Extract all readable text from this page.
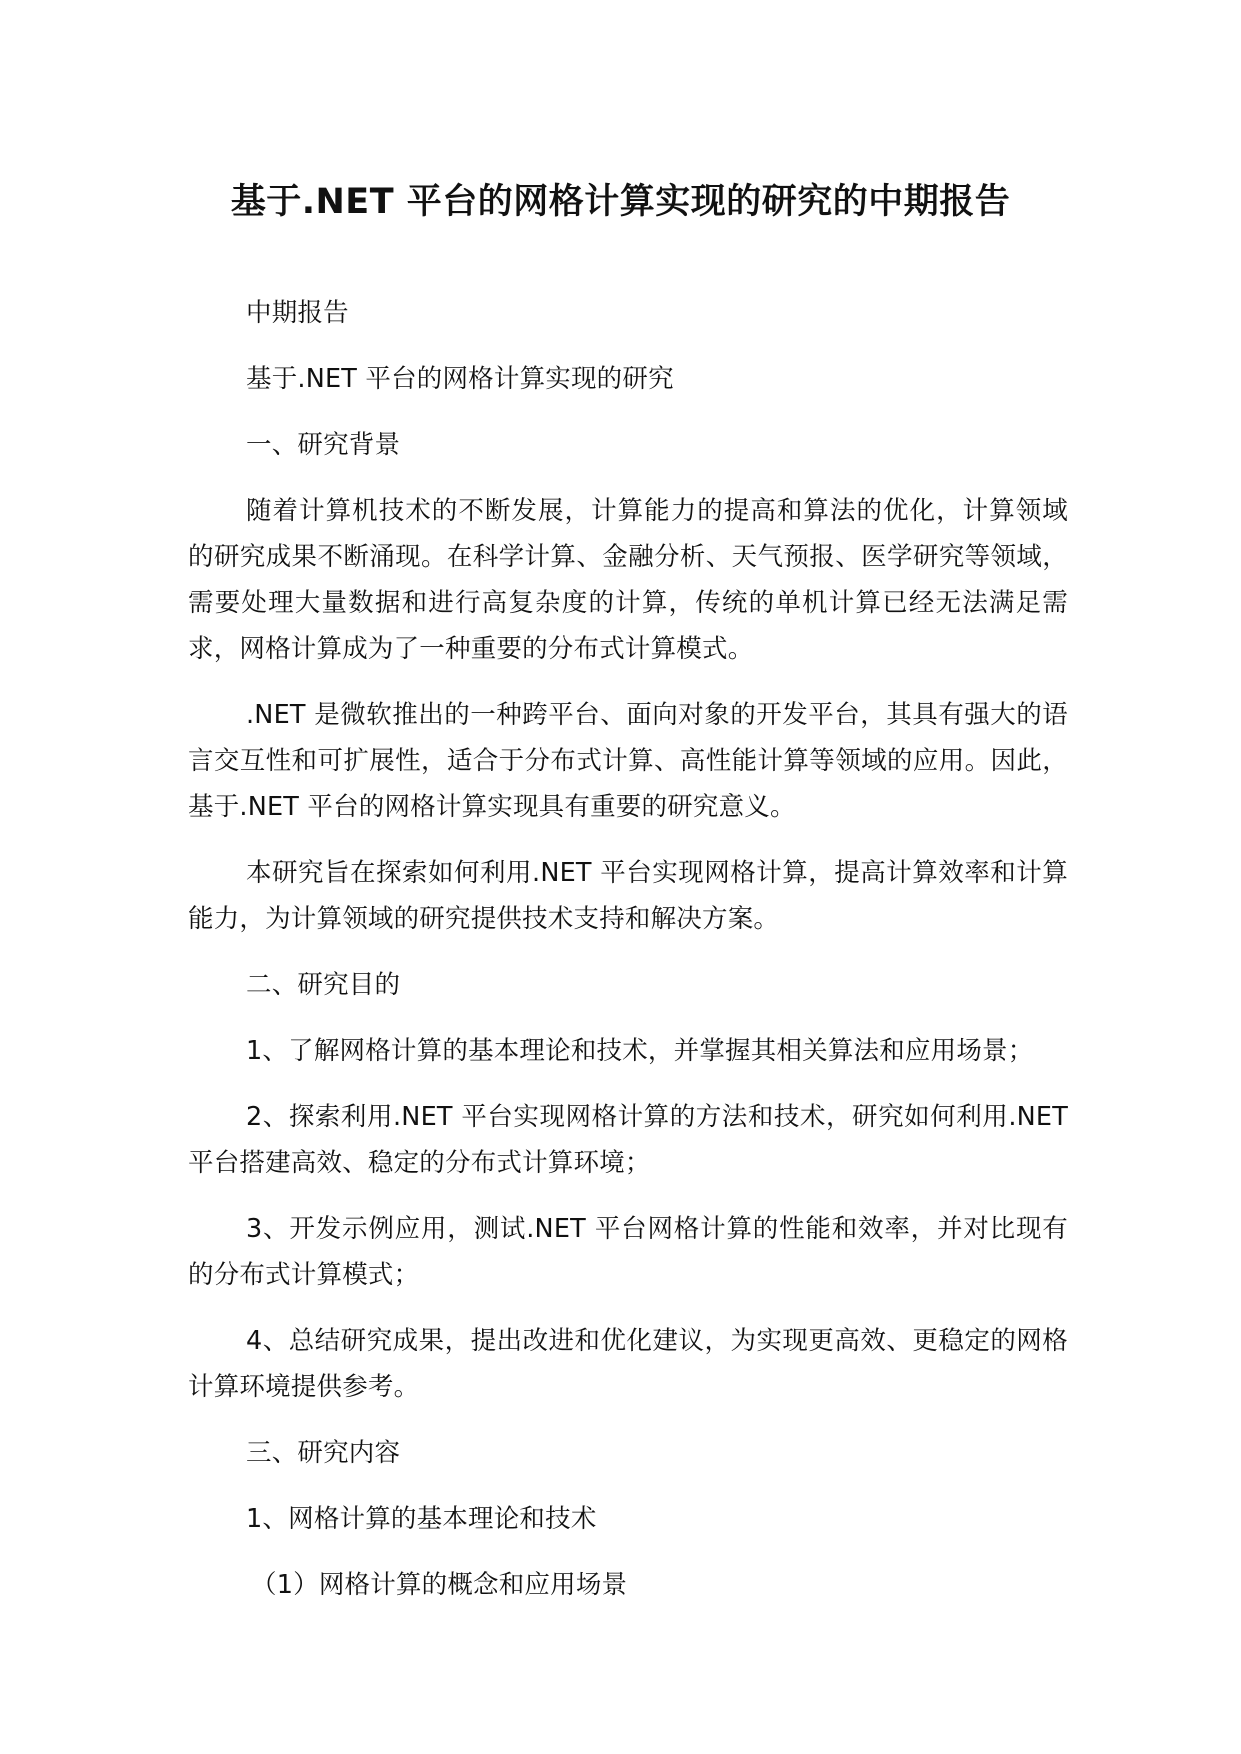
基于.NET 平台的网格计算实现的研究的中期报告

中期报告

基于.NET 平台的网格计算实现的研究

一、研究背景

随着计算机技术的不断发展，计算能力的提高和算法的优化，计算领域的研究成果不断涌现。在科学计算、金融分析、天气预报、医学研究等领域，需要处理大量数据和进行高复杂度的计算，传统的单机计算已经无法满足需求，网格计算成为了一种重要的分布式计算模式。

.NET 是微软推出的一种跨平台、面向对象的开发平台，其具有强大的语言交互性和可扩展性，适合于分布式计算、高性能计算等领域的应用。因此，基于.NET 平台的网格计算实现具有重要的研究意义。

本研究旨在探索如何利用.NET 平台实现网格计算，提高计算效率和计算能力，为计算领域的研究提供技术支持和解决方案。

二、研究目的

1、了解网格计算的基本理论和技术，并掌握其相关算法和应用场景；

2、探索利用.NET 平台实现网格计算的方法和技术，研究如何利用.NET 平台搭建高效、稳定的分布式计算环境；

3、开发示例应用，测试.NET 平台网格计算的性能和效率，并对比现有的分布式计算模式；

4、总结研究成果，提出改进和优化建议，为实现更高效、更稳定的网格计算环境提供参考。

三、研究内容

1、网格计算的基本理论和技术

（1）网格计算的概念和应用场景
